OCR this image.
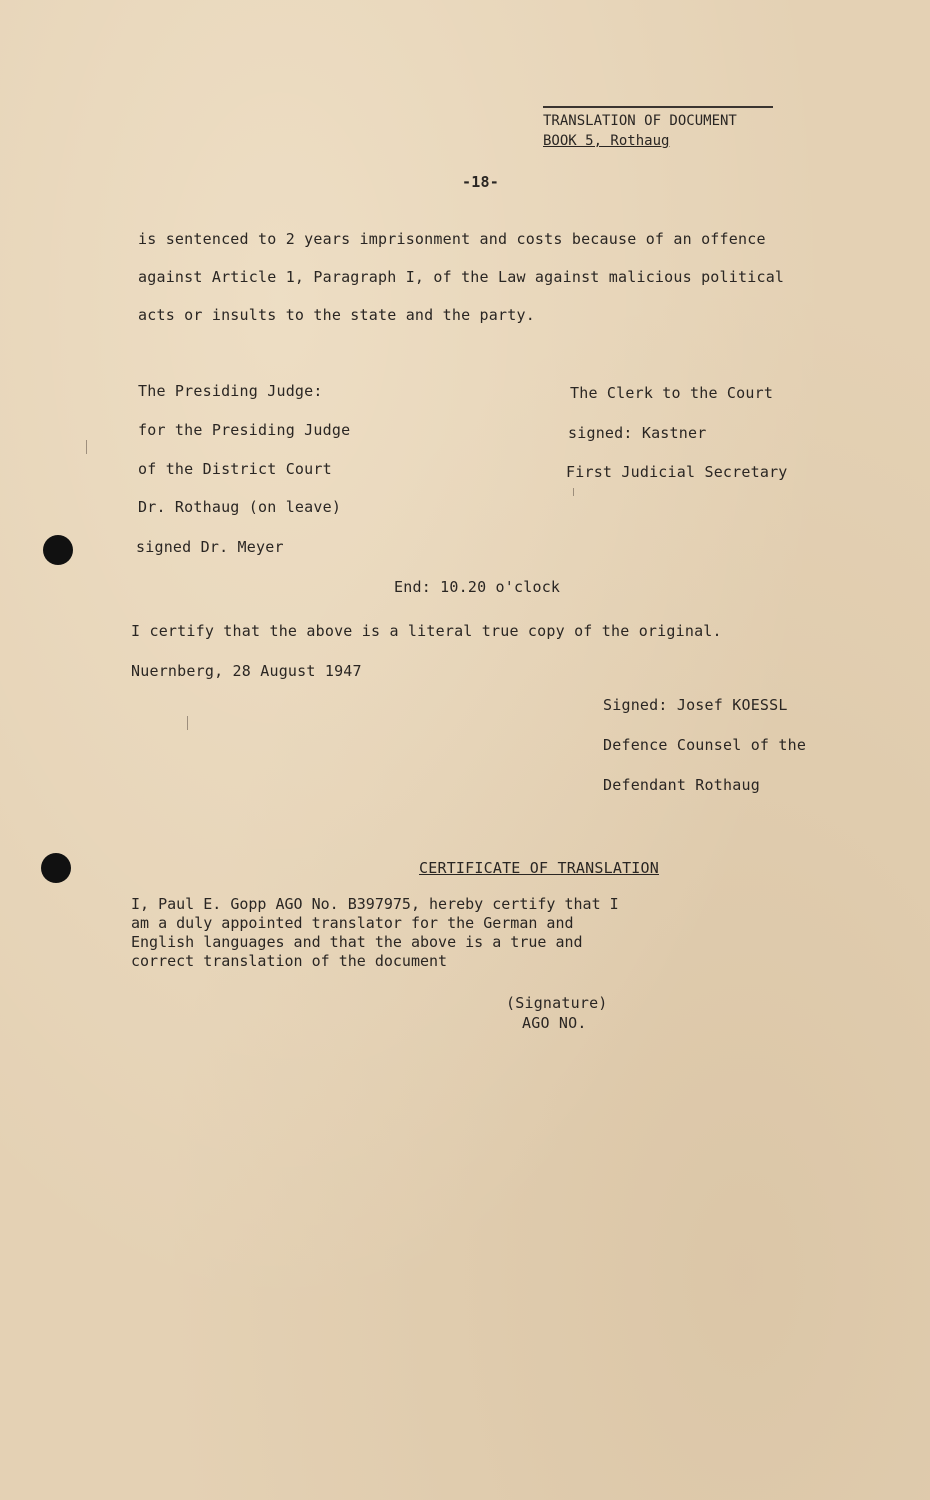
TRANSLATION OF DOCUMENT
BOOK 5, Rothaug
-18-
is sentenced to 2 years imprisonment and costs because of an offence
against Article 1, Paragraph I, of the Law against malicious political
acts or insults to the state and the party.
The Presiding Judge:
for the Presiding Judge
of the District Court
Dr. Rothaug (on leave)
signed Dr. Meyer
The Clerk to the Court
signed: Kastner
First Judicial Secretary
End: 10.20 o'clock
I certify that the above is a literal true copy of the original.
Nuernberg, 28 August 1947
Signed: Josef KOESSL
Defence Counsel of the
Defendant Rothaug
CERTIFICATE OF TRANSLATION
I, Paul E. Gopp AGO No. B397975, hereby certify that I
am a duly appointed translator for the German and
English languages and that the above is a true and
correct translation of the document
(Signature)
AGO NO.
